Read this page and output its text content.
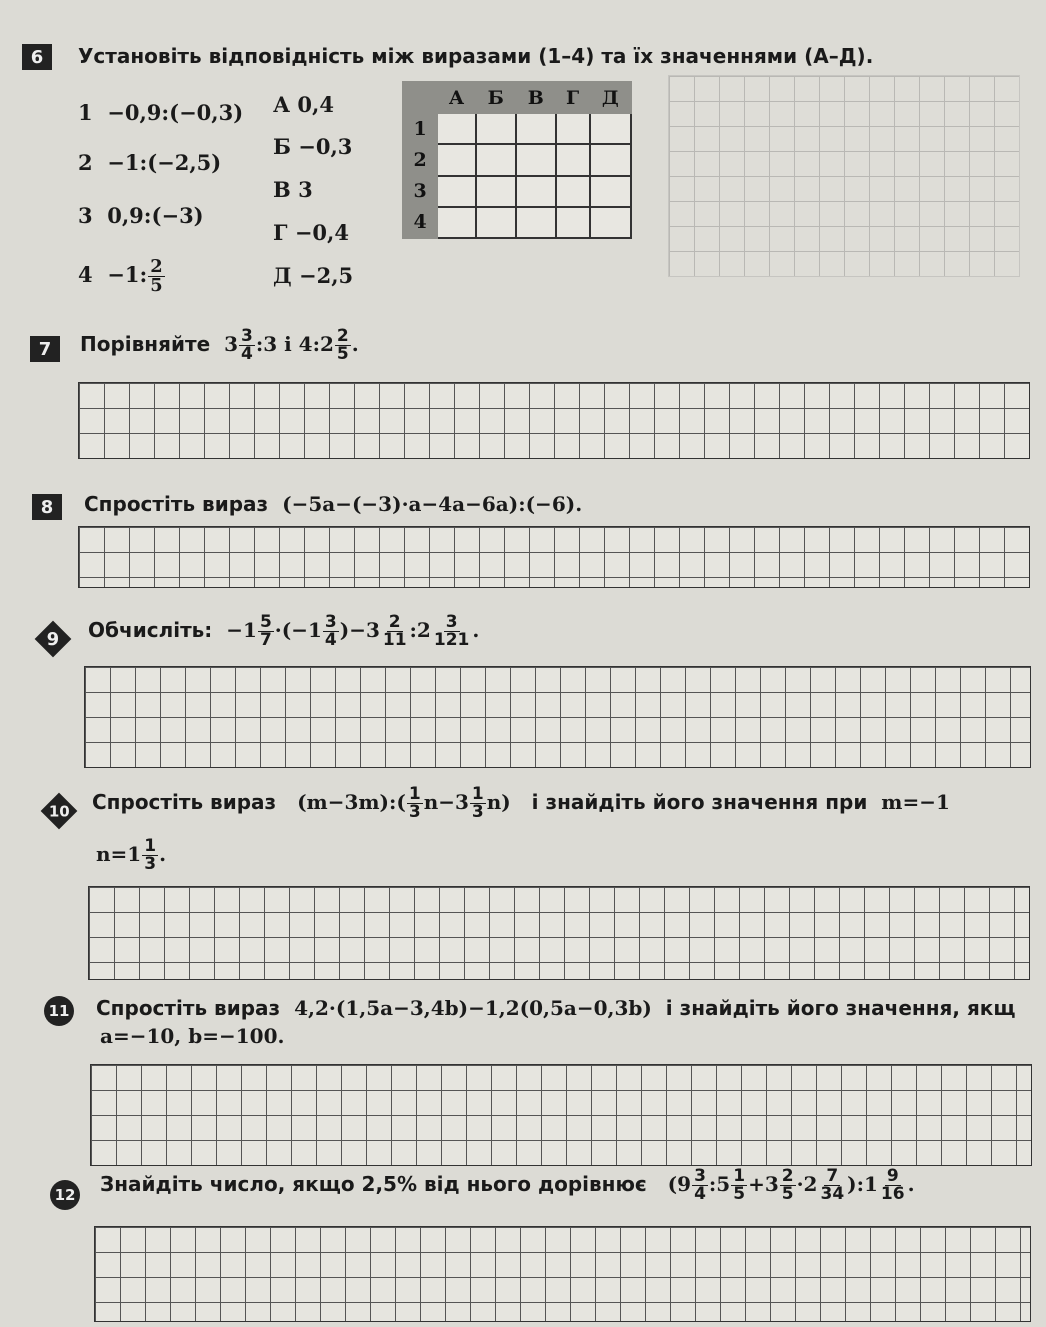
6 Установіть відповідність між виразами (1–4) та їх значеннями (А–Д).
1 −0,9:(−0,3)
2 −1:(−2,5)
3 0,9:(−3)
4 −1: $\frac{2}{5}$
А 0,4
Б −0,3
В 3
Г −0,4
Д −2,5
	А	Б	В	Г	Д
1					
2					
3					
4					
7 Порівняйте $3 \frac{3}{4}$ :3 і 4:2 $\frac{2}{5}$ .
8 Спростіть вираз (−5a−(−3)·a−4a−6a):(−6).
9 Обчисліть: $-1 \frac{5}{7} \cdot(-1 \frac{3}{4} )-3 \frac{2}{11}$ :2 $\frac{3}{121}$ .
10 Спростіть вираз (m−3m):( $\frac{1}{3} n-3 \frac{1}{3} n$) і знайдіть його значення при m=−1
$n=1 \frac{1}{3}$ .
11 Спростіть вираз 4,2·(1,5a−3,4b)−1,2(0,5a−0,3b) і знайдіть його значення, якщ
a=−10, b=−100.
12 Знайдіть число, якщо 2,5% від нього дорівнює ($9 \frac{3}{4}$ :5 $\frac{1}{5} +3 \frac{2}{5} \cdot 2 \frac{7}{34}$ ):1 $\frac{9}{16}$ .
